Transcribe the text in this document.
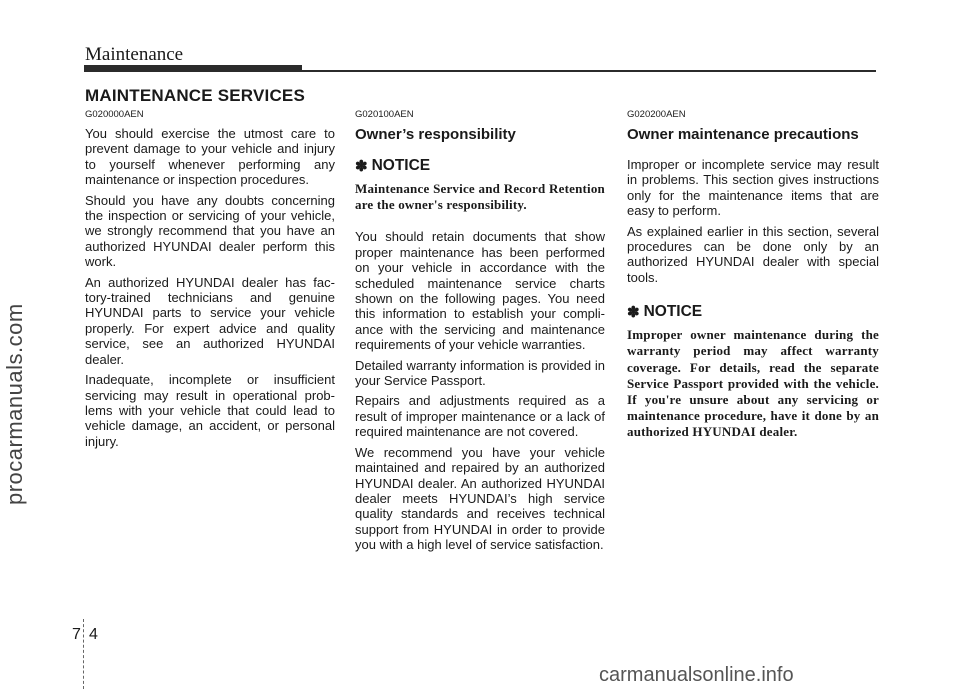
Maintenance
MAINTENANCE SERVICES

G020000AEN

You should exercise the utmost care to prevent damage to your vehicle and injury to yourself whenever performing any maintenance or inspection procedures.

Should you have any doubts concerning the inspection or servicing of your vehicle, we strongly recommend that you have an authorized HYUNDAI dealer perform this work.

An authorized HYUNDAI dealer has factory-trained technicians and genuine HYUNDAI parts to service your vehicle properly. For expert advice and quality service, see an authorized HYUNDAI dealer.

Inadequate, incomplete or insufficient servicing may result in operational problems with your vehicle that could lead to vehicle damage, an accident, or personal injury.

G020100AEN

Owner’s responsibility

✽ NOTICE

Maintenance Service and Record Retention are the owner's responsibility.

You should retain documents that show proper maintenance has been performed on your vehicle in accordance with the scheduled maintenance service charts shown on the following pages. You need this information to establish your compliance with the servicing and maintenance requirements of your vehicle warranties.

Detailed warranty information is provided in your Service Passport.

Repairs and adjustments required as a result of improper maintenance or a lack of required maintenance are not covered.

We recommend you have your vehicle maintained and repaired by an authorized HYUNDAI dealer. An authorized HYUNDAI dealer meets HYUNDAI’s high service quality standards and receives technical support from HYUNDAI in order to provide you with a high level of service satisfaction.

G020200AEN

Owner maintenance precautions

Improper or incomplete service may result in problems. This section gives instructions only for the maintenance items that are easy to perform.

As explained earlier in this section, several procedures can be done only by an authorized HYUNDAI dealer with special tools.

✽ NOTICE

Improper owner maintenance during the warranty period may affect warranty coverage. For details, read the separate Service Passport provided with the vehicle. If you're unsure about any servicing or maintenance procedure, have it done by an authorized HYUNDAI dealer.

7 4
procarmanuals.com
carmanualsonline.info
